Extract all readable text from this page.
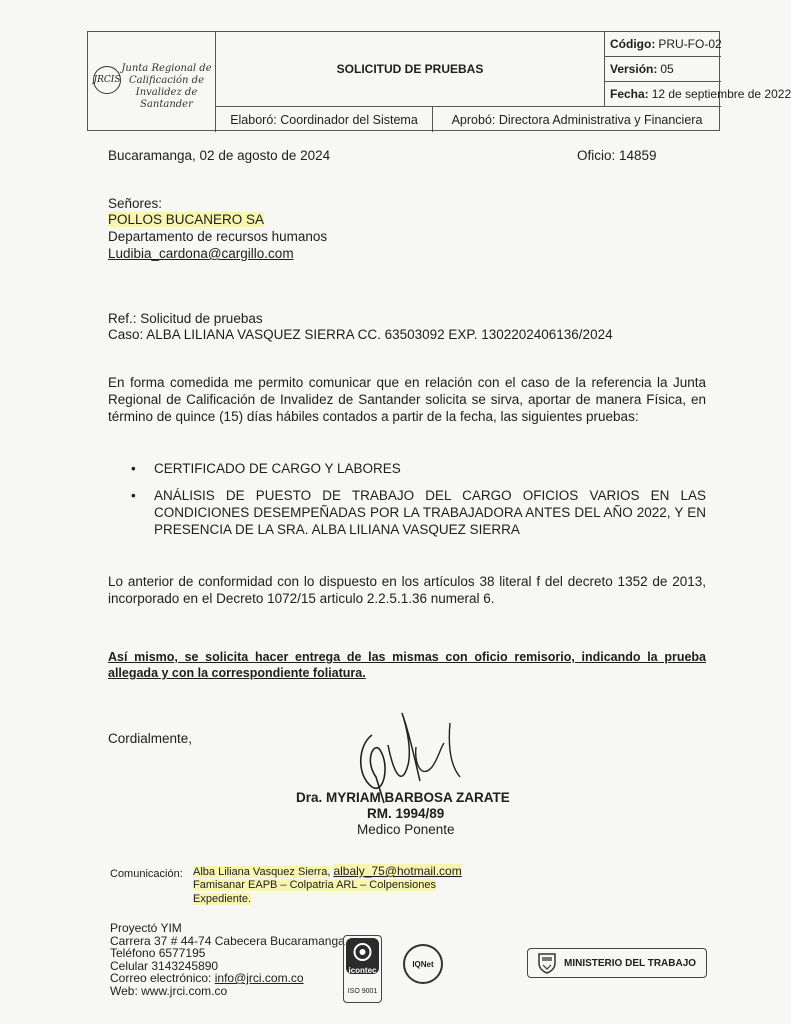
JRCIS
Junta Regional de Calificación de Invalidez de Santander
SOLICITUD DE PRUEBAS
Código: PRU-FO-02
Versión: 05
Fecha: 12 de septiembre de 2022
Elaboró: Coordinador del Sistema	Aprobó: Directora Administrativa y Financiera
Bucaramanga, 02 de agosto de 2024	Oficio: 14859
Señores:
POLLOS BUCANERO SA
Departamento de recursos humanos
Ludibia_cardona@cargillo.com
Ref.: Solicitud de pruebas
Caso: ALBA LILIANA VASQUEZ SIERRA CC. 63503092 EXP. 1302202406136/2024
En forma comedida me permito comunicar que en relación con el caso de la referencia la Junta Regional de Calificación de Invalidez de Santander solicita se sirva, aportar de manera Física, en término de quince (15) días hábiles contados a partir de la fecha, las siguientes pruebas:
• CERTIFICADO DE CARGO Y LABORES
• ANÁLISIS DE PUESTO DE TRABAJO DEL CARGO OFICIOS VARIOS EN LAS CONDICIONES DESEMPEÑADAS POR LA TRABAJADORA ANTES DEL AÑO 2022, Y EN PRESENCIA DE LA SRA. ALBA LILIANA VASQUEZ SIERRA
Lo anterior de conformidad con lo dispuesto en los artículos 38 literal f del decreto 1352 de 2013, incorporado en el Decreto 1072/15 articulo 2.2.5.1.36 numeral 6.
Así mismo, se solicita hacer entrega de las mismas con oficio remisorio, indicando la prueba allegada y con la correspondiente foliatura.
Cordialmente,
Dra. MYRIAM BARBOSA ZARATE
RM. 1994/89
Medico Ponente
Comunicación: Alba Liliana Vasquez Sierra, albaly_75@hotmail.com
Famisanar EAPB – Colpatria ARL – Colpensiones
Expediente.
Proyectó YIM
Carrera 37 # 44-74 Cabecera Bucaramanga
Teléfono 6577195
Celular 3143245890
Correo electrónico: info@jrci.com.co
Web: www.jrci.com.co
icontec
ISO 9001
IQNet	MINISTERIO DEL TRABAJO
